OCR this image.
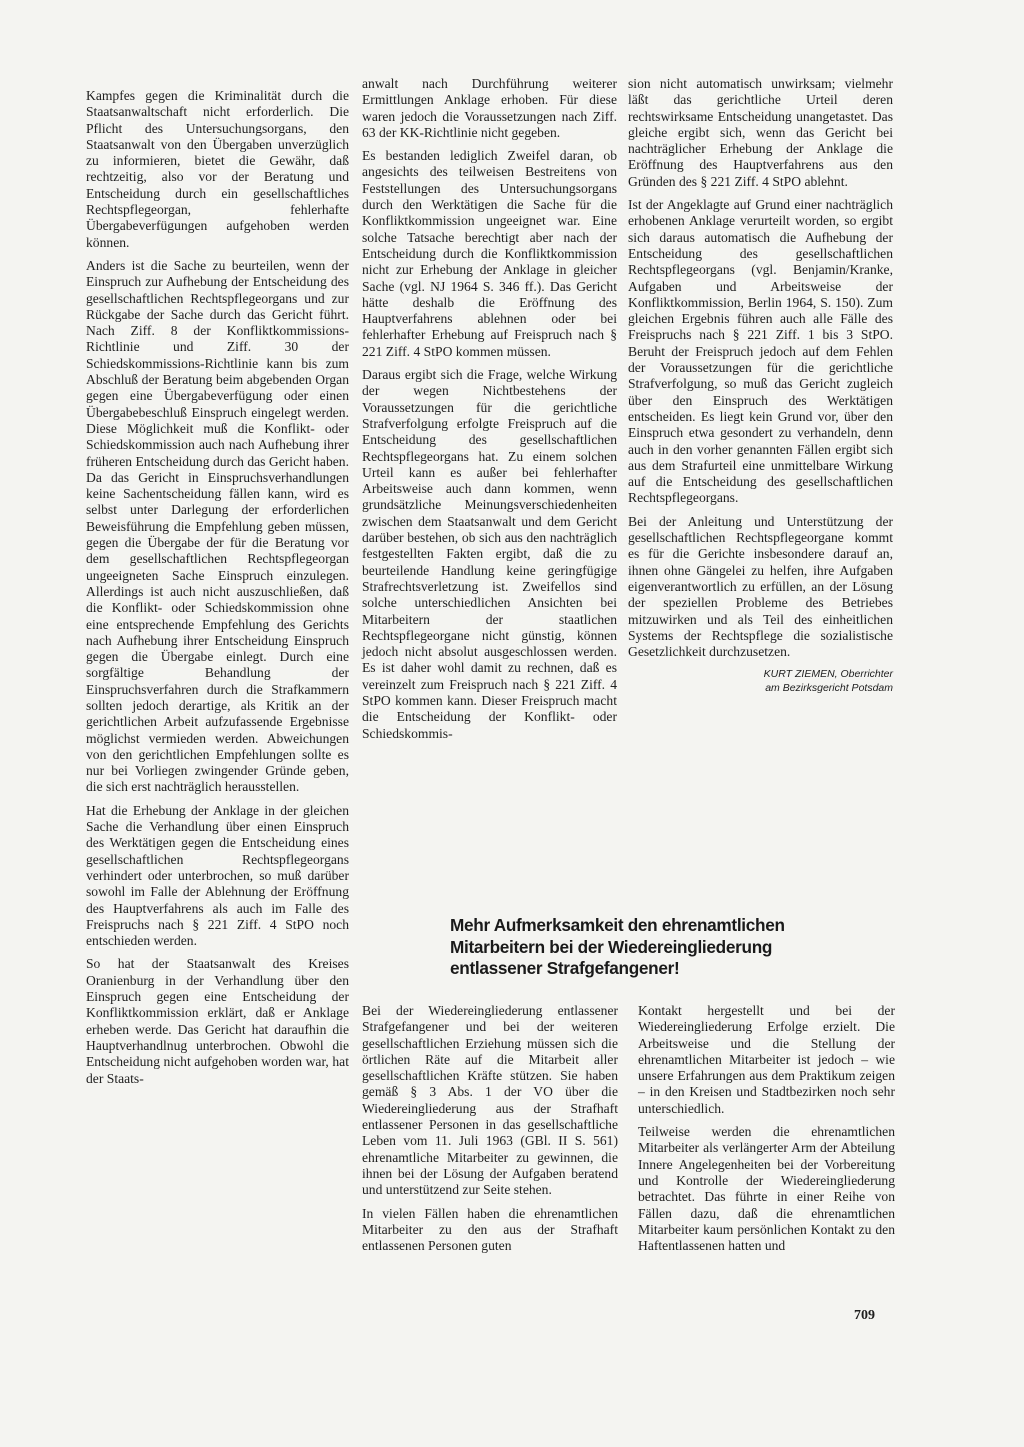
Kampfes gegen die Kriminalität durch die Staatsanwaltschaft nicht erforderlich. Die Pflicht des Untersuchungsorgans, den Staatsanwalt von den Übergaben unverzüglich zu informieren, bietet die Gewähr, daß rechtzeitig, also vor der Beratung und Entscheidung durch ein gesellschaftliches Rechtspflegeorgan, fehlerhafte Übergabeverfügungen aufgehoben werden können.

Anders ist die Sache zu beurteilen, wenn der Einspruch zur Aufhebung der Entscheidung des gesellschaftlichen Rechtspflegeorgans und zur Rückgabe der Sache durch das Gericht führt. Nach Ziff. 8 der Konfliktkommissions-Richtlinie und Ziff. 30 der Schiedskommissions-Richtlinie kann bis zum Abschluß der Beratung beim abgebenden Organ gegen eine Übergabeverfügung oder einen Übergabebeschluß Einspruch eingelegt werden. Diese Möglichkeit muß die Konflikt- oder Schiedskommission auch nach Aufhebung ihrer früheren Entscheidung durch das Gericht haben. Da das Gericht in Einspruchsverhandlungen keine Sachentscheidung fällen kann, wird es selbst unter Darlegung der erforderlichen Beweisführung die Empfehlung geben müssen, gegen die Übergabe der für die Beratung vor dem gesellschaftlichen Rechtspflegeorgan ungeeigneten Sache Einspruch einzulegen. Allerdings ist auch nicht auszuschließen, daß die Konflikt- oder Schiedskommission ohne eine entsprechende Empfehlung des Gerichts nach Aufhebung ihrer Entscheidung Einspruch gegen die Übergabe einlegt. Durch eine sorgfältige Behandlung der Einspruchsverfahren durch die Strafkammern sollten jedoch derartige, als Kritik an der gerichtlichen Arbeit aufzufassende Ergebnisse möglichst vermieden werden. Abweichungen von den gerichtlichen Empfehlungen sollte es nur bei Vorliegen zwingender Gründe geben, die sich erst nachträglich herausstellen.

Hat die Erhebung der Anklage in der gleichen Sache die Verhandlung über einen Einspruch des Werktätigen gegen die Entscheidung eines gesellschaftlichen Rechtspflegeorgans verhindert oder unterbrochen, so muß darüber sowohl im Falle der Ablehnung der Eröffnung des Hauptverfahrens als auch im Falle des Freispruchs nach § 221 Ziff. 4 StPO noch entschieden werden.

So hat der Staatsanwalt des Kreises Oranienburg in der Verhandlung über den Einspruch gegen eine Entscheidung der Konfliktkommission erklärt, daß er Anklage erheben werde. Das Gericht hat daraufhin die Hauptverhandlnug unterbrochen. Obwohl die Entscheidung nicht aufgehoben worden war, hat der Staats-

anwalt nach Durchführung weiterer Ermittlungen Anklage erhoben. Für diese waren jedoch die Voraussetzungen nach Ziff. 63 der KK-Richtlinie nicht gegeben.

Es bestanden lediglich Zweifel daran, ob angesichts des teilweisen Bestreitens von Feststellungen des Untersuchungsorgans durch den Werktätigen die Sache für die Konfliktkommission ungeeignet war. Eine solche Tatsache berechtigt aber nach der Entscheidung durch die Konfliktkommission nicht zur Erhebung der Anklage in gleicher Sache (vgl. NJ 1964 S. 346 ff.). Das Gericht hätte deshalb die Eröffnung des Hauptverfahrens ablehnen oder bei fehlerhafter Erhebung auf Freispruch nach § 221 Ziff. 4 StPO kommen müssen.

Daraus ergibt sich die Frage, welche Wirkung der wegen Nichtbestehens der Voraussetzungen für die gerichtliche Strafverfolgung erfolgte Freispruch auf die Entscheidung des gesellschaftlichen Rechtspflegeorgans hat. Zu einem solchen Urteil kann es außer bei fehlerhafter Arbeitsweise auch dann kommen, wenn grundsätzliche Meinungsverschiedenheiten zwischen dem Staatsanwalt und dem Gericht darüber bestehen, ob sich aus den nachträglich festgestellten Fakten ergibt, daß die zu beurteilende Handlung keine geringfügige Strafrechtsverletzung ist. Zweifellos sind solche unterschiedlichen Ansichten bei Mitarbeitern der staatlichen Rechtspflegeorgane nicht günstig, können jedoch nicht absolut ausgeschlossen werden. Es ist daher wohl damit zu rechnen, daß es vereinzelt zum Freispruch nach § 221 Ziff. 4 StPO kommen kann. Dieser Freispruch macht die Entscheidung der Konflikt- oder Schiedskommis-

sion nicht automatisch unwirksam; vielmehr läßt das gerichtliche Urteil deren rechtswirksame Entscheidung unangetastet. Das gleiche ergibt sich, wenn das Gericht bei nachträglicher Erhebung der Anklage die Eröffnung des Hauptverfahrens aus den Gründen des § 221 Ziff. 4 StPO ablehnt.

Ist der Angeklagte auf Grund einer nachträglich erhobenen Anklage verurteilt worden, so ergibt sich daraus automatisch die Aufhebung der Entscheidung des gesellschaftlichen Rechtspflegeorgans (vgl. Benjamin/Kranke, Aufgaben und Arbeitsweise der Konfliktkommission, Berlin 1964, S. 150). Zum gleichen Ergebnis führen auch alle Fälle des Freispruchs nach § 221 Ziff. 1 bis 3 StPO. Beruht der Freispruch jedoch auf dem Fehlen der Voraussetzungen für die gerichtliche Strafverfolgung, so muß das Gericht zugleich über den Einspruch des Werktätigen entscheiden. Es liegt kein Grund vor, über den Einspruch etwa gesondert zu verhandeln, denn auch in den vorher genannten Fällen ergibt sich aus dem Strafurteil eine unmittelbare Wirkung auf die Entscheidung des gesellschaftlichen Rechtspflegeorgans.

Bei der Anleitung und Unterstützung der gesellschaftlichen Rechtspflegeorgane kommt es für die Gerichte insbesondere darauf an, ihnen ohne Gängelei zu helfen, ihre Aufgaben eigenverantwortlich zu erfüllen, an der Lösung der speziellen Probleme des Betriebes mitzuwirken und als Teil des einheitlichen Systems der Rechtspflege die sozialistische Gesetzlichkeit durchzusetzen.

KURT ZIEMEN, Oberrichter
am Bezirksgericht Potsdam
Mehr Aufmerksamkeit den ehrenamtlichen
Mitarbeitern bei der Wiedereingliederung
entlassener Strafgefangener!

Bei der Wiedereingliederung entlassener Strafgefangener und bei der weiteren gesellschaftlichen Erziehung müssen sich die örtlichen Räte auf die Mitarbeit aller gesellschaftlichen Kräfte stützen. Sie haben gemäß § 3 Abs. 1 der VO über die Wiedereingliederung aus der Strafhaft entlassener Personen in das gesellschaftliche Leben vom 11. Juli 1963 (GBl. II S. 561) ehrenamtliche Mitarbeiter zu gewinnen, die ihnen bei der Lösung der Aufgaben beratend und unterstützend zur Seite stehen.

In vielen Fällen haben die ehrenamtlichen Mitarbeiter zu den aus der Strafhaft entlassenen Personen guten

Kontakt hergestellt und bei der Wiedereingliederung Erfolge erzielt. Die Arbeitsweise und die Stellung der ehrenamtlichen Mitarbeiter ist jedoch – wie unsere Erfahrungen aus dem Praktikum zeigen – in den Kreisen und Stadtbezirken noch sehr unterschiedlich.

Teilweise werden die ehrenamtlichen Mitarbeiter als verlängerter Arm der Abteilung Innere Angelegenheiten bei der Vorbereitung und Kontrolle der Wiedereingliederung betrachtet. Das führte in einer Reihe von Fällen dazu, daß die ehrenamtlichen Mitarbeiter kaum persönlichen Kontakt zu den Haftentlassenen hatten und

709
